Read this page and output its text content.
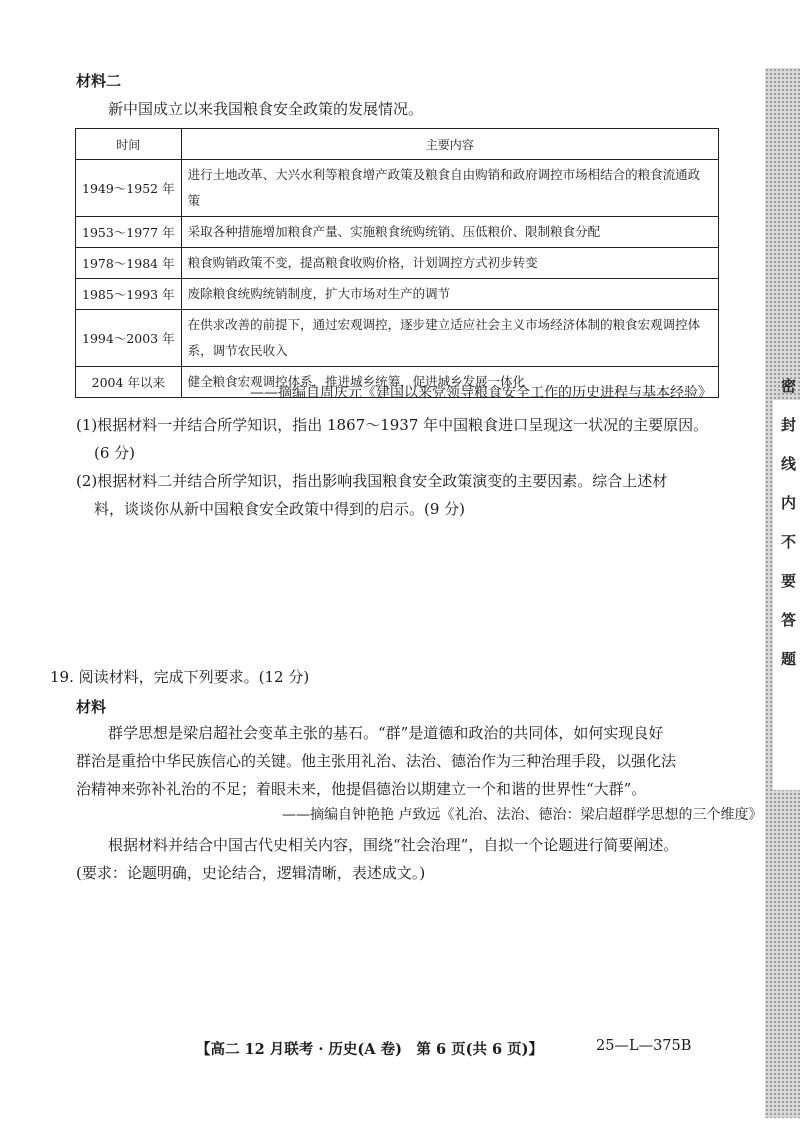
材料二
新中国成立以来我国粮食安全政策的发展情况。
时间	主要内容
1949～1952 年	进行土地改革、大兴水利等粮食增产政策及粮食自由购销和政府调控市场相结合的粮食流通政策
1953～1977 年	采取各种措施增加粮食产量、实施粮食统购统销、压低粮价、限制粮食分配
1978～1984 年	粮食购销政策不变，提高粮食收购价格，计划调控方式初步转变
1985～1993 年	废除粮食统购统销制度，扩大市场对生产的调节
1994～2003 年	在供求改善的前提下，通过宏观调控，逐步建立适应社会主义市场经济体制的粮食宏观调控体系，调节农民收入
2004 年以来	健全粮食宏观调控体系，推进城乡统筹，促进城乡发展一体化
——摘编自周庆元《建国以来党领导粮食安全工作的历史进程与基本经验》
(1)根据材料一并结合所学知识，指出 1867～1937 年中国粮食进口呈现这一状况的主要原因。
(6 分)
(2)根据材料二并结合所学知识，指出影响我国粮食安全政策演变的主要因素。综合上述材
料，谈谈你从新中国粮食安全政策中得到的启示。(9 分)
19. 阅读材料，完成下列要求。(12 分)
材料
群学思想是梁启超社会变革主张的基石。“群”是道德和政治的共同体，如何实现良好
群治是重拾中华民族信心的关键。他主张用礼治、法治、德治作为三种治理手段，以强化法
治精神来弥补礼治的不足；着眼未来，他提倡德治以期建立一个和谐的世界性“大群”。
——摘编自钟艳艳 卢致远《礼治、法治、德治：梁启超群学思想的三个维度》
根据材料并结合中国古代史相关内容，围绕“社会治理”，自拟一个论题进行简要阐述。
(要求：论题明确，史论结合，逻辑清晰，表述成文。)
密封线内不要答题
【高二 12 月联考 · 历史(A 卷)　第 6 页(共 6 页)】	25—L—375B
